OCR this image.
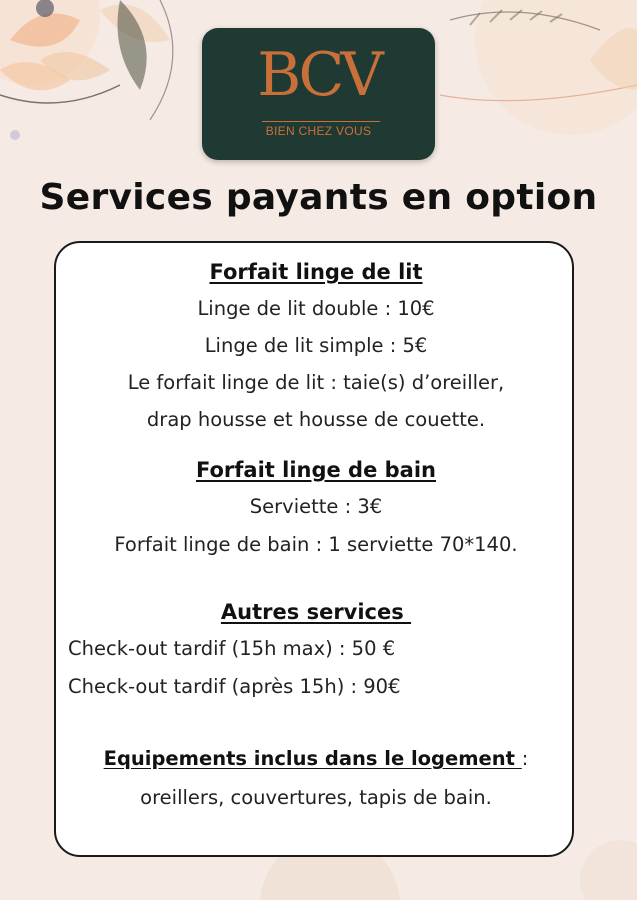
BCV
BIEN CHEZ VOUS
Services payants en option
Forfait linge de lit
Linge de lit double : 10€
Linge de lit simple : 5€
Le forfait linge de lit : taie(s) d’oreiller,
drap housse et housse de couette.
Forfait linge de bain
Serviette : 3€
Forfait linge de bain : 1 serviette 70*140.
Autres services
Check-out tardif (15h max) : 50 €
Check-out tardif (après 15h) : 90€
Equipements inclus dans le logement :
oreillers, couvertures, tapis de bain.
